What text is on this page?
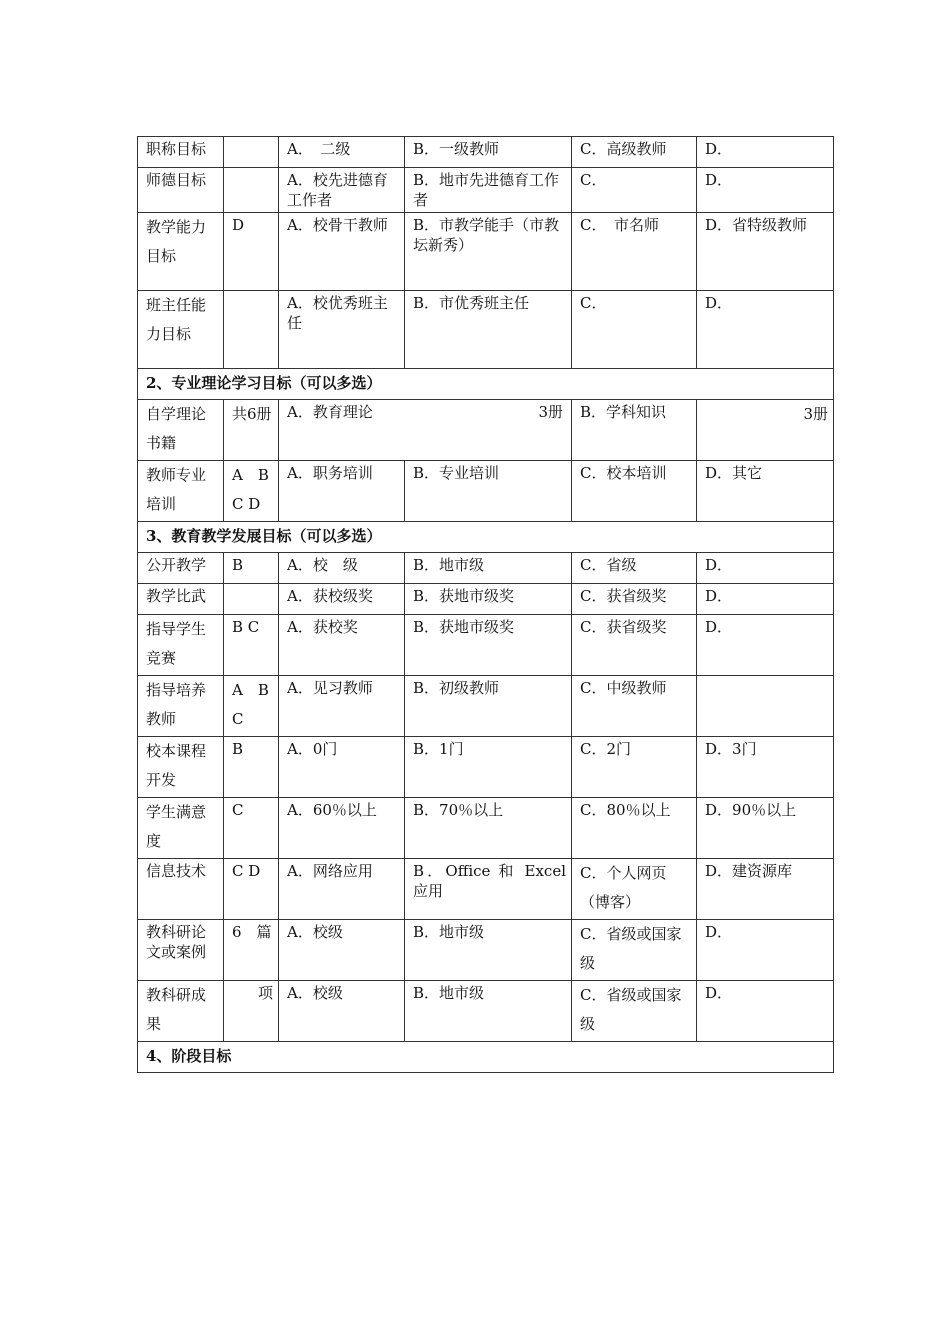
职称目标		A．　二级	B．一级教师	C．高级教师	D．
师德目标		A．校先进德育工作者	B．地市先进德育工作者	C．	D．
教学能力目标	D	A．校骨干教师	B．市教学能手（市教坛新秀）	C．　市名师	D．省特级教师
班主任能力目标		A．校优秀班主任	B．市优秀班主任	C．	D．
2、专业理论学习目标（可以多选）					
自学理论书籍	共6册	A．教育理论 3册		B．学科知识	3册
教师专业培训	A　B C D	A．职务培训	B．专业培训	C．校本培训	D．其它
3、教育教学发展目标（可以多选）					
公开教学	B	A．校　级	B．地市级	C．省级	D．
教学比武		A．获校级奖	B．获地市级奖	C．获省级奖	D．
指导学生竞赛	B C	A．获校奖	B．获地市级奖	C．获省级奖	D．
指导培养教师	A　B C	A．见习教师	B．初级教师	C．中级教师	
校本课程开发	B	A．0门	B．1门	C．2门	D．3门
学生满意度	C	A．60％以上	B．70％以上	C．80％以上	D．90％以上
信息技术	C D	A．网络应用	B．Office 和 Excel 应用	C．个人网页（博客）	D．建资源库
教科研论文或案例	6　篇	A．校级	B．地市级	C．省级或国家级	D．
教科研成果	项	A．校级	B．地市级	C．省级或国家级	D．
4、阶段目标					
